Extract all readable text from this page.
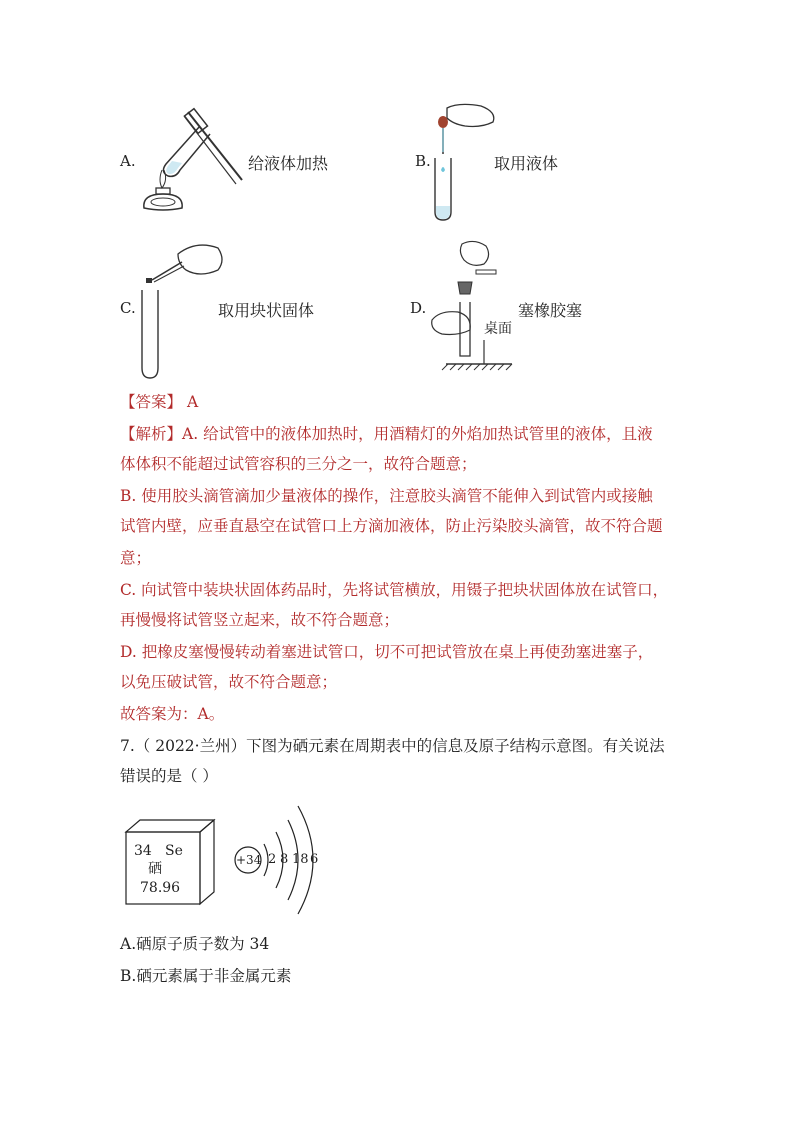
A.	给液体加热	B.	取用液体
C.	取用块状固体	D.
桌面
塞橡胶塞
【答案】 A
【解析】A. 给试管中的液体加热时，用酒精灯的外焰加热试管里的液体，且液
体体积不能超过试管容积的三分之一，故符合题意；
B. 使用胶头滴管滴加少量液体的操作，注意胶头滴管不能伸入到试管内或接触
试管内壁，应垂直悬空在试管口上方滴加液体，防止污染胶头滴管，故不符合题
意；
C. 向试管中装块状固体药品时，先将试管横放，用镊子把块状固体放在试管口，
再慢慢将试管竖立起来，故不符合题意；
D. 把橡皮塞慢慢转动着塞进试管口，切不可把试管放在桌上再使劲塞进塞子，
以免压破试管，故不符合题意；
故答案为：A。
7.（ 2022·兰州）下图为硒元素在周期表中的信息及原子结构示意图。有关说法
错误的是（ ）
34 Se
硒
78.96
+34 2 8 18 6
A.硒原子质子数为 34
B.硒元素属于非金属元素
